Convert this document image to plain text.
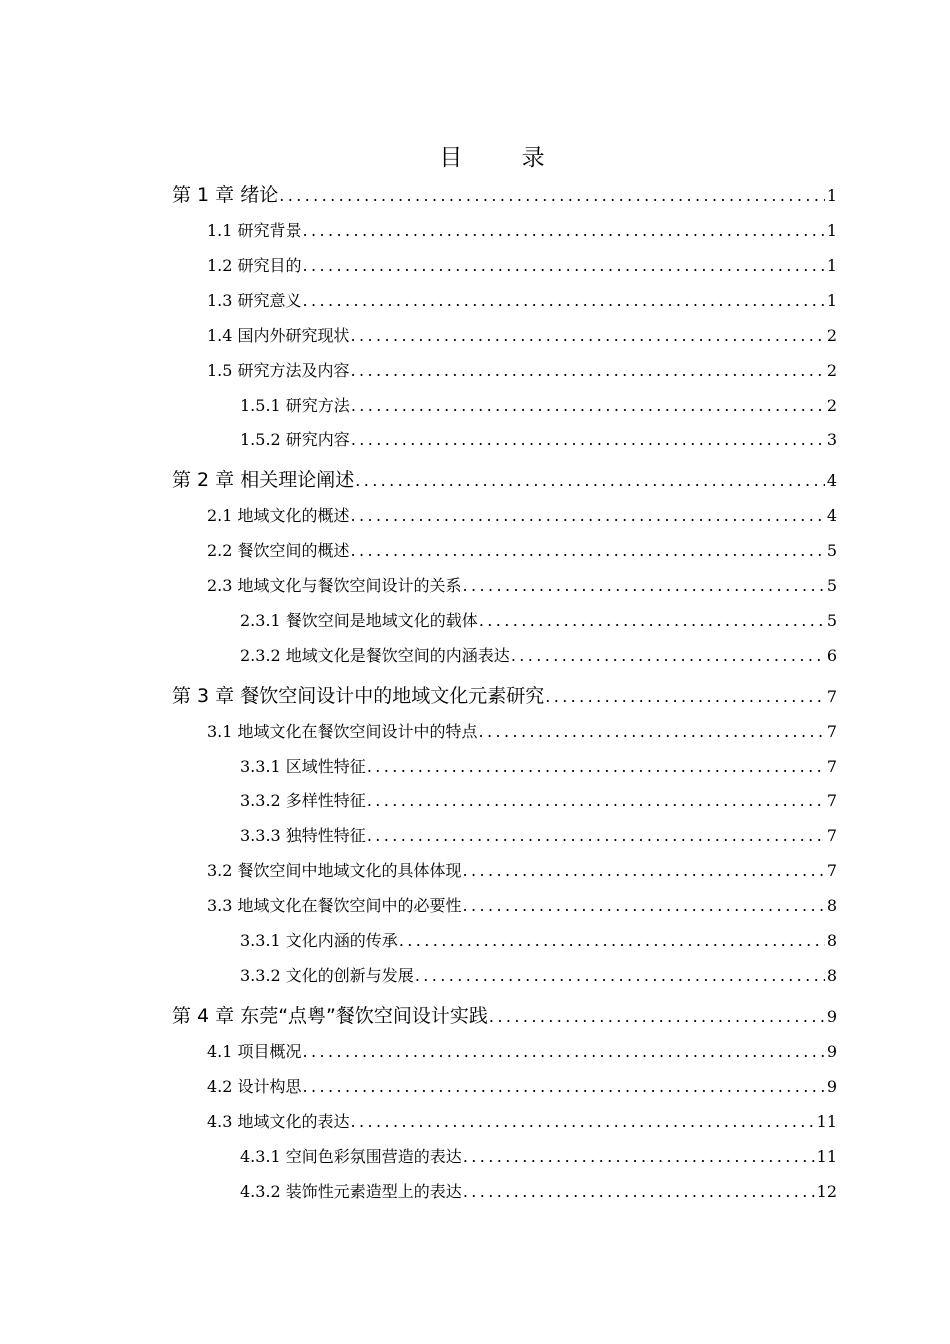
目 录
第 1 章 绪论 .....	1
1.1 研究背景 .....	1
1.2 研究目的 .....	1
1.3 研究意义 .....	1
1.4 国内外研究现状 .....	2
1.5 研究方法及内容 .....	2
1.5.1 研究方法 .....	2
1.5.2 研究内容 .....	3
第 2 章 相关理论阐述 .....	4
2.1 地域文化的概述 .....	4
2.2 餐饮空间的概述 .....	5
2.3 地域文化与餐饮空间设计的关系 .....	5
2.3.1 餐饮空间是地域文化的载体 .....	5
2.3.2 地域文化是餐饮空间的内涵表达 .....	6
第 3 章 餐饮空间设计中的地域文化元素研究 .....	7
3.1 地域文化在餐饮空间设计中的特点 .....	7
3.3.1 区域性特征 .....	7
3.3.2 多样性特征 .....	7
3.3.3 独特性特征 .....	7
3.2 餐饮空间中地域文化的具体体现 .....	7
3.3 地域文化在餐饮空间中的必要性 .....	8
3.3.1 文化内涵的传承 .....	8
3.3.2 文化的创新与发展 .....	8
第 4 章 东莞“点粤”餐饮空间设计实践 .....	9
4.1 项目概况 .....	9
4.2 设计构思 .....	9
4.3 地域文化的表达 .....	11
4.3.1 空间色彩氛围营造的表达 .....	11
4.3.2 装饰性元素造型上的表达 .....	12
